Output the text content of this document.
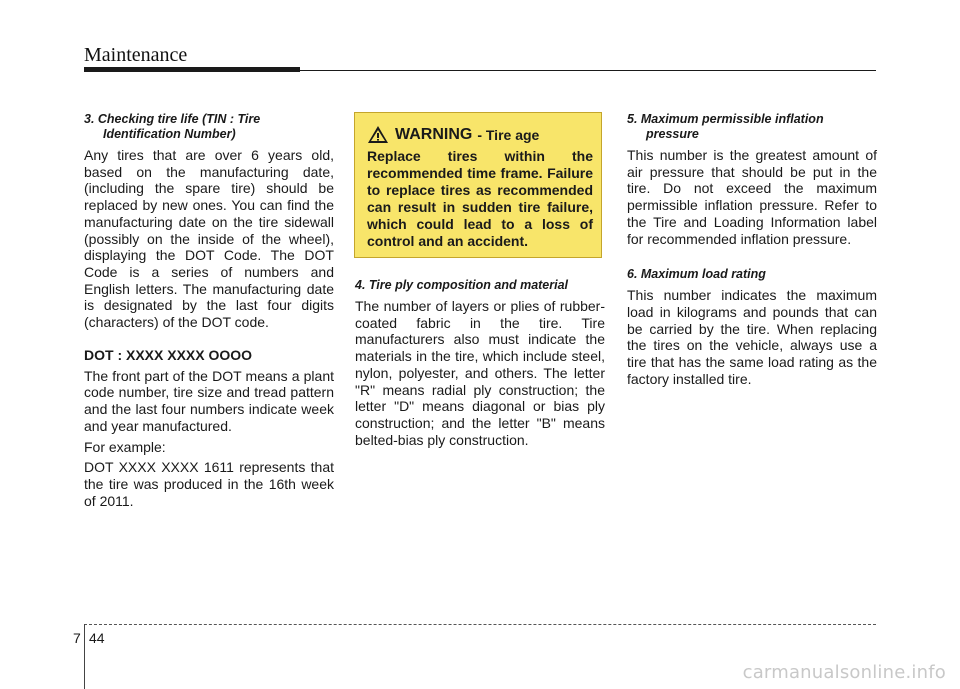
Maintenance

3. Checking tire life (TIN : Tire
Identification Number)

Any tires that are over 6 years old, based on the manufacturing date, (including the spare tire) should be replaced by new ones. You can find the manufacturing date on the tire sidewall (possibly on the inside of the wheel), displaying the DOT Code. The DOT Code is a series of numbers and English letters. The manufacturing date is designated by the last four digits (characters) of the DOT code.

DOT : XXXX XXXX OOOO

The front part of the DOT means a plant code number, tire size and tread pattern and the last four numbers indicate week and year manufactured.

For example:

DOT XXXX XXXX 1611 represents that the tire was produced in the 16th week of 2011.

WARNING - Tire age

Replace tires within the recommended time frame. Failure to replace tires as recommended can result in sudden tire failure, which could lead to a loss of control and an accident.

4. Tire ply composition and material

The number of layers or plies of rubber-coated fabric in the tire. Tire manufacturers also must indicate the materials in the tire, which include steel, nylon, polyester, and others. The letter "R" means radial ply construction; the letter "D" means diagonal or bias ply construction; and the letter "B" means belted-bias ply construction.

5. Maximum permissible inflation
pressure

This number is the greatest amount of air pressure that should be put in the tire. Do not exceed the maximum permissible inflation pressure. Refer to the Tire and Loading Information label for recommended inflation pressure.

6. Maximum load rating

This number indicates the maximum load in kilograms and pounds that can be carried by the tire. When replacing the tires on the vehicle, always use a tire that has the same load rating as the factory installed tire.

7 44
carmanualsonline.info
